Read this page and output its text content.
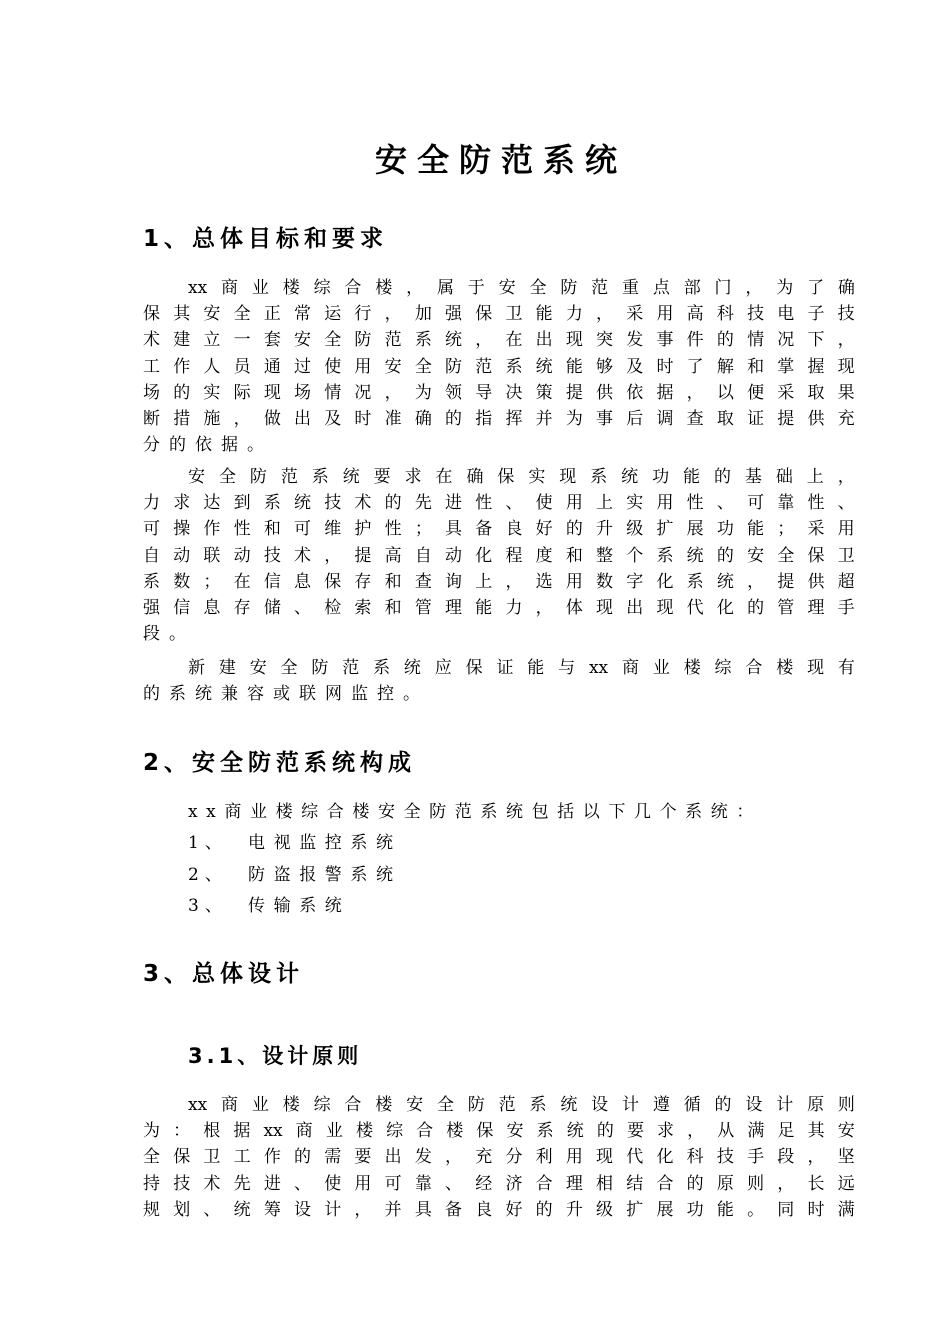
安全防范系统
1、总体目标和要求
xx 商 业 楼 综 合 楼 ， 属 于 安 全 防 范 重 点 部 门 ， 为 了 确
保 其 安 全 正 常 运 行 ， 加 强 保 卫 能 力 ， 采 用 高 科 技 电 子 技
术 建 立 一 套 安 全 防 范 系 统 ， 在 出 现 突 发 事 件 的 情 况 下 ，
工 作 人 员 通 过 使 用 安 全 防 范 系 统 能 够 及 时 了 解 和 掌 握 现
场 的 实 际 现 场 情 况 ， 为 领 导 决 策 提 供 依 据 ， 以 便 采 取 果
断 措 施 ， 做 出 及 时 准 确 的 指 挥 并 为 事 后 调 查 取 证 提 供 充
分的依据。
安 全 防 范 系 统 要 求 在 确 保 实 现 系 统 功 能 的 基 础 上 ，
力 求 达 到 系 统 技 术 的 先 进 性 、 使 用 上 实 用 性 、 可 靠 性 、
可 操 作 性 和 可 维 护 性 ； 具 备 良 好 的 升 级 扩 展 功 能 ； 采 用
自 动 联 动 技 术 ， 提 高 自 动 化 程 度 和 整 个 系 统 的 安 全 保 卫
系 数 ； 在 信 息 保 存 和 查 询 上 ， 选 用 数 字 化 系 统 ， 提 供 超
强 信 息 存 储 、 检 索 和 管 理 能 力 ， 体 现 出 现 代 化 的 管 理 手
段。
新 建 安 全 防 范 系 统 应 保 证 能 与 xx 商 业 楼 综 合 楼 现 有
的系统兼容或联网监控。
2、安全防范系统构成
xx商业楼综合楼安全防范系统包括以下几个系统：
1、 电视监控系统
2、 防盗报警系统
3、 传输系统
3、总体设计
3.1、设计原则
xx 商 业 楼 综 合 楼 安 全 防 范 系 统 设 计 遵 循 的 设 计 原 则
为 ： 根 据 xx 商 业 楼 综 合 楼 保 安 系 统 的 要 求 ， 从 满 足 其 安
全 保 卫 工 作 的 需 要 出 发 ， 充 分 利 用 现 代 化 科 技 手 段 ， 坚
持 技 术 先 进 、 使 用 可 靠 、 经 济 合 理 相 结 合 的 原 则 ， 长 远
规 划 、 统 筹 设 计 ， 并 具 备 良 好 的 升 级 扩 展 功 能 。 同 时 满
